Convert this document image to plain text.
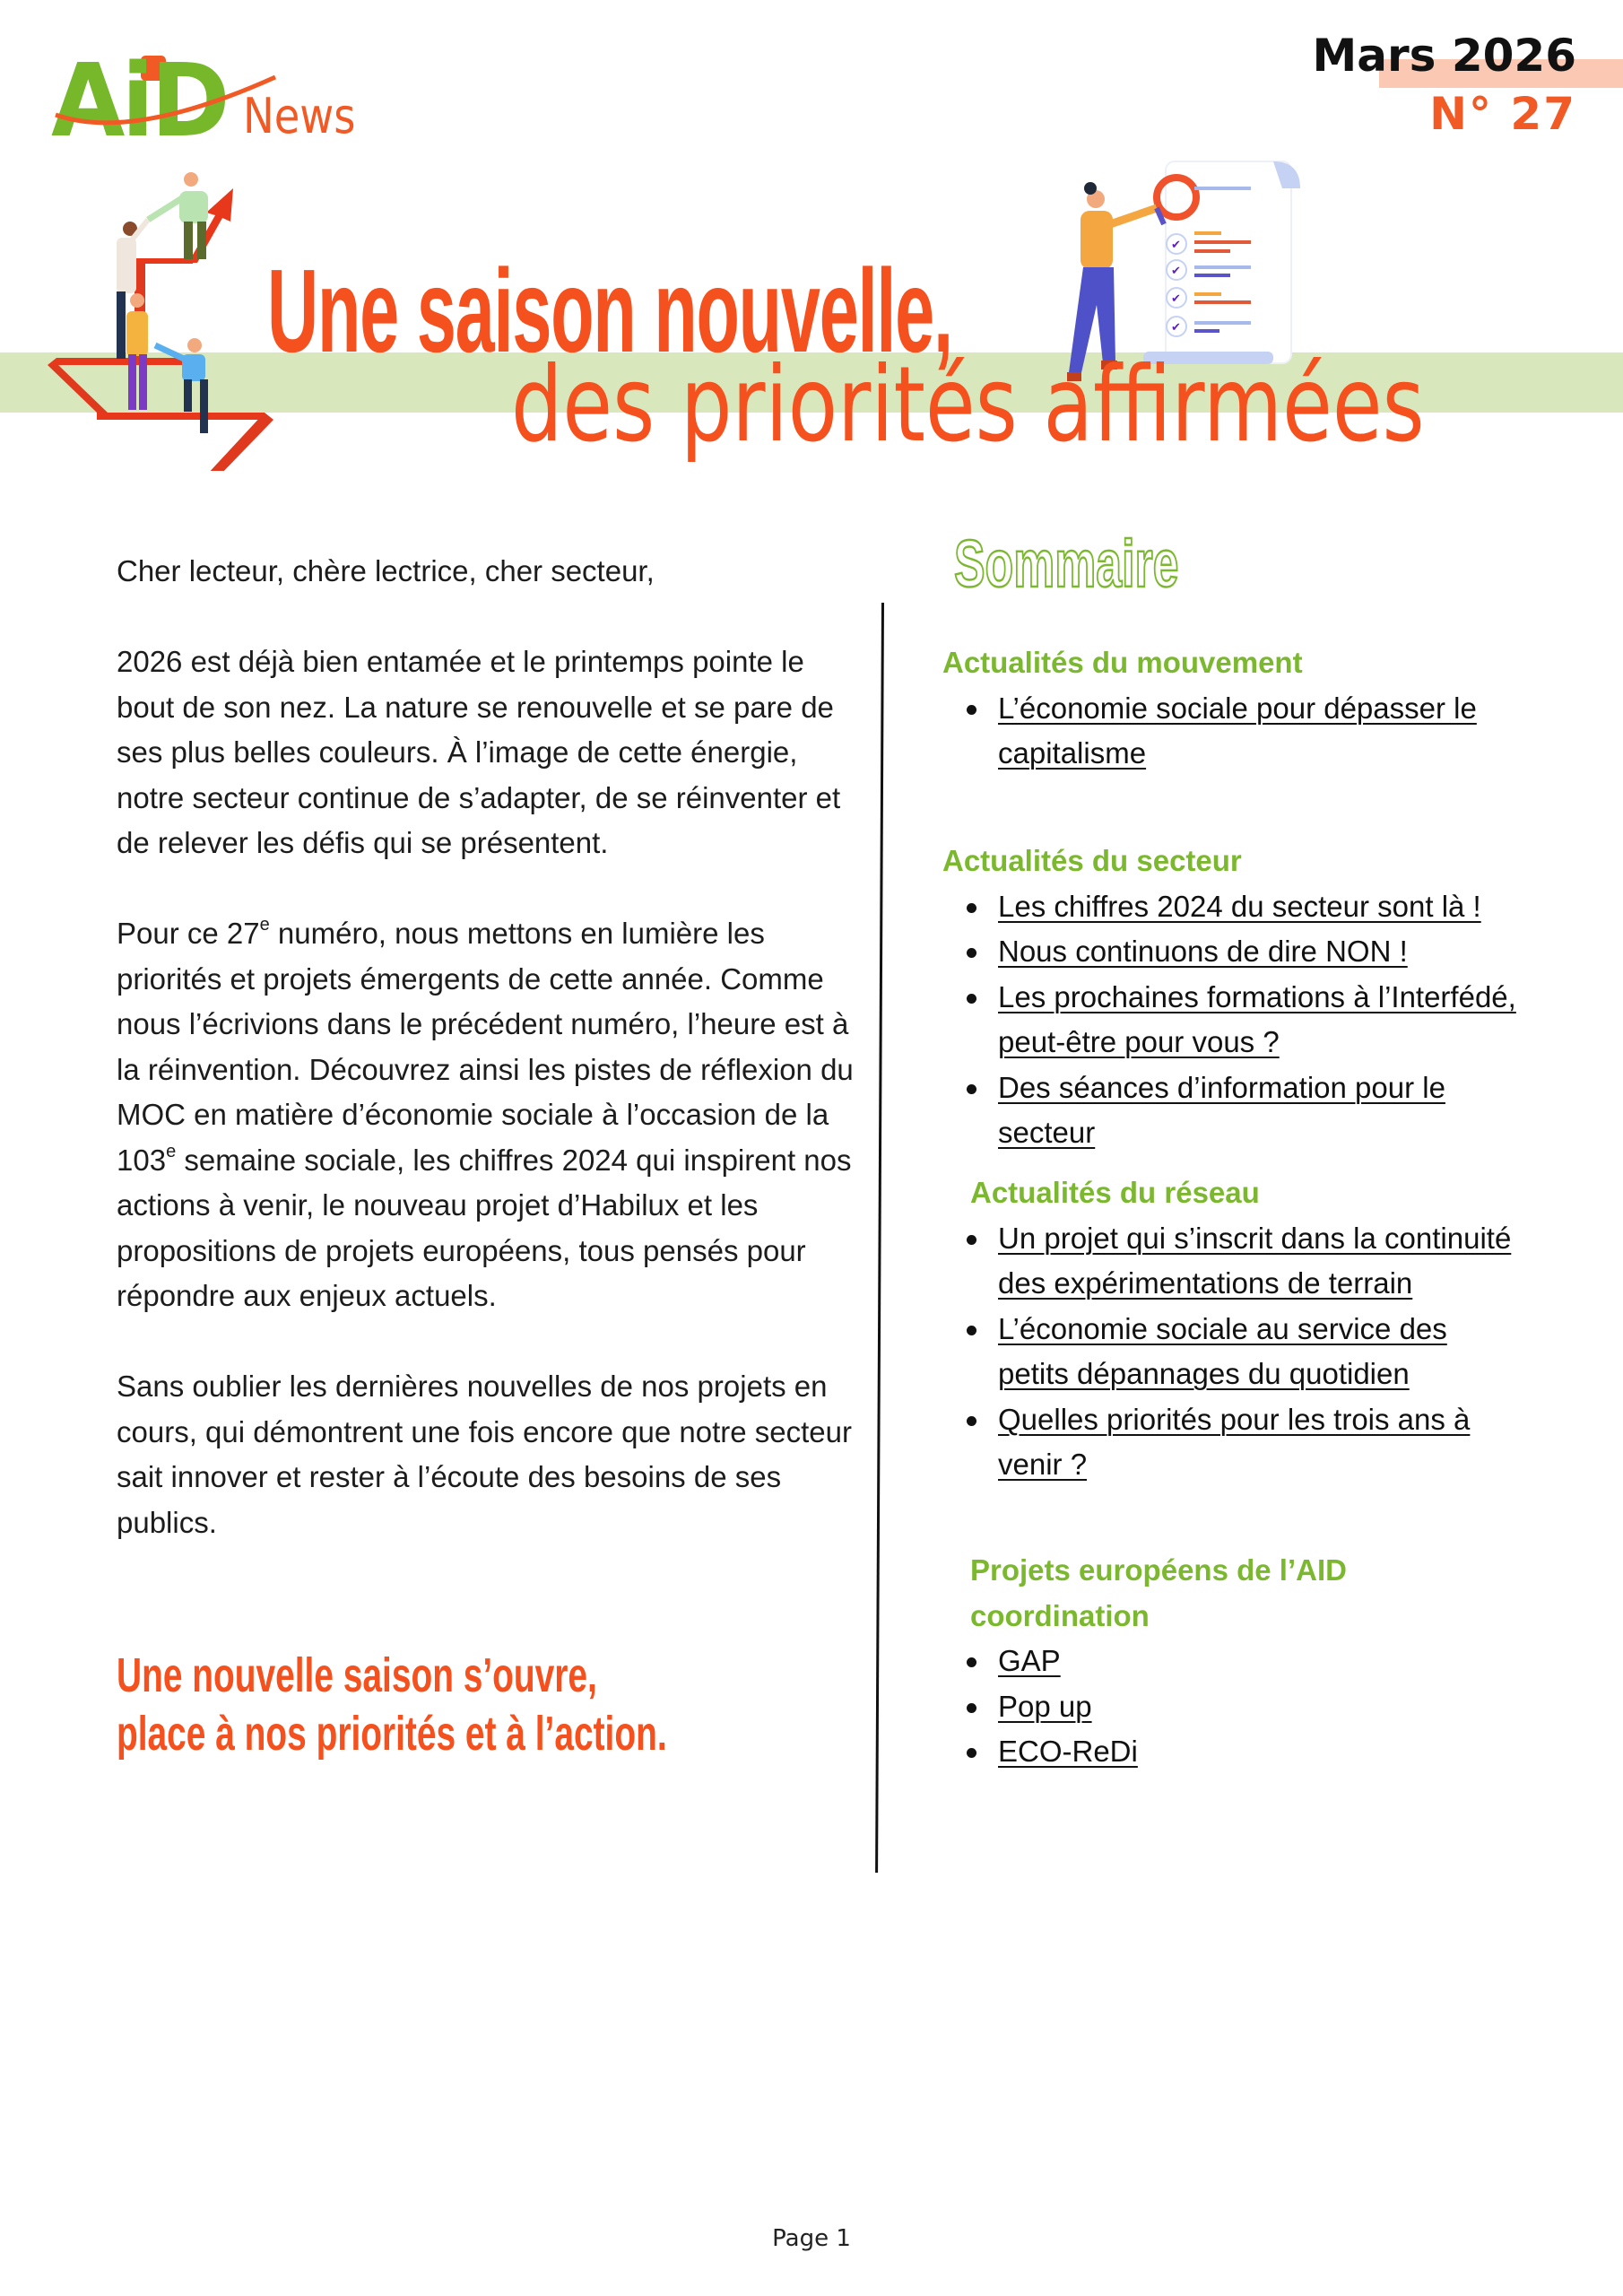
AiD News
Mars 2026
N° 27
✔
✔
✔
✔
Une saison nouvelle,
des priorités affirmées

Cher lecteur, chère lectrice, cher secteur,

2026 est déjà bien entamée et le printemps pointe le bout de son nez. La nature se renouvelle et se pare de ses plus belles couleurs. À l’image de cette énergie, notre secteur continue de s’adapter, de se réinventer et de relever les défis qui se présentent.

Pour ce 27e numéro, nous mettons en lumière les priorités et projets émergents de cette année. Comme nous l’écrivions dans le précédent numéro, l’heure est à la réinvention. Découvrez ainsi les pistes de réflexion du MOC en matière d’économie sociale à l’occasion de la 103e semaine sociale, les chiffres 2024 qui inspirent nos actions à venir, le nouveau projet d’Habilux et les propositions de projets européens, tous pensés pour répondre aux enjeux actuels.

Sans oublier les dernières nouvelles de nos projets en cours, qui démontrent une fois encore que notre secteur sait innover et rester à l’écoute des besoins de ses publics.

Une nouvelle saison s’ouvre,
place à nos priorités et à l’action.
Sommaire
Actualités du mouvement
L’économie sociale pour dépasser le capitalisme
Actualités du secteur
Les chiffres 2024 du secteur sont là !
Nous continuons de dire NON !
Les prochaines formations à l’Interfédé, peut-être pour vous ?
Des séances d’information pour le secteur
Actualités du réseau
Un projet qui s’inscrit dans la continuité des expérimentations de terrain
L’économie sociale au service des petits dépannages du quotidien
Quelles priorités pour les trois ans à venir ?
Projets européens de l’AID coordination
GAP
Pop up
ECO-ReDi
Page 1
